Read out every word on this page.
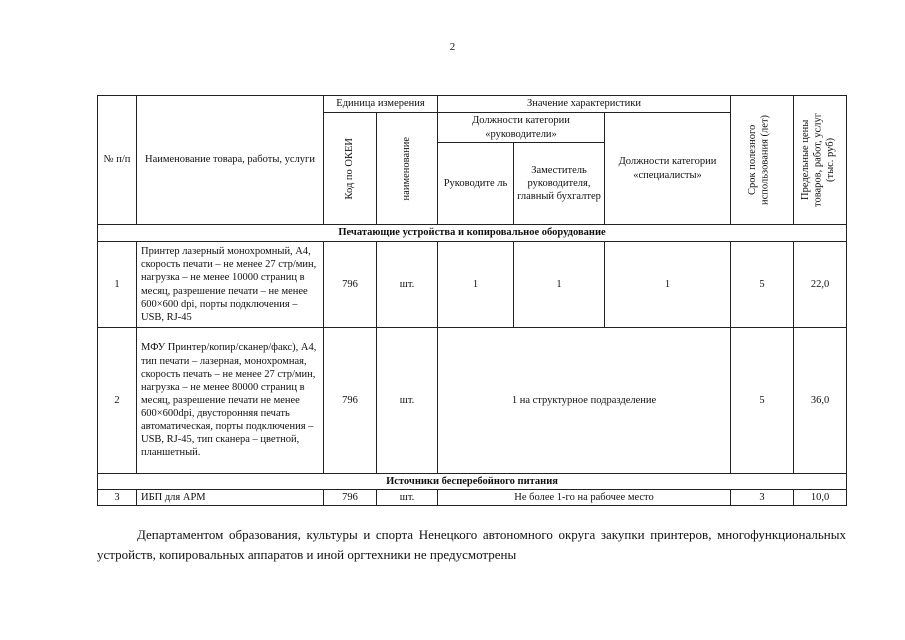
2
№ п/п	Наименование товара, работы, услуги	Единица измерения		Значение характеристики			Срок полезного использования (лет)	Предельные цены товаров, работ, услуг (тыс. руб)

		Код по ОКЕИ	наименование	Должности категории «руководители»		Должности категории «специалисты»		
				Руководите ль	Заместитель руководителя, главный бухгалтер			
Печатающие устройства и копировальное оборудование								
1	Принтер лазерный монохромный, А4, скорость печати – не менее 27 стр/мин, нагрузка – не менее 10000 страниц в месяц, разрешение печати – не менее 600×600 dpi, порты подключения – USB, RJ-45	796	шт.	1	1	1	5	22,0
2	МФУ Принтер/копир/сканер/факс), А4, тип печати – лазерная, монохромная, скорость печать – не менее 27 стр/мин, нагрузка – не менее 80000 страниц в месяц, разрешение печати не менее 600×600dpi, двусторонняя печать автоматическая, порты подключения – USB, RJ-45, тип сканера – цветной, планшетный.	796	шт.	1 на структурное подразделение			5	36,0
Источники бесперебойного питания								
3	ИБП для АРМ	796	шт.	Не более 1-го на рабочее место			3	10,0

Департаментом образования, культуры и спорта Ненецкого автономного округа закупки принтеров, многофункциональных устройств, копировальных аппаратов и иной оргтехники не предусмотрены
